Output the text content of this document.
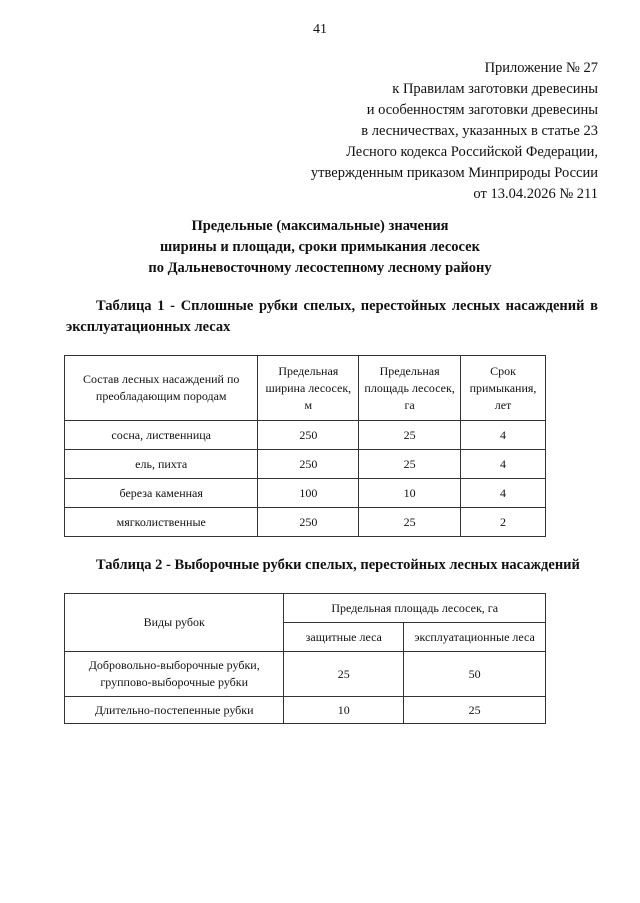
41
Приложение № 27
к Правилам заготовки древесины
и особенностям заготовки древесины
в лесничествах, указанных в статье 23
Лесного кодекса Российской Федерации,
утвержденным приказом Минприроды России
от 13.04.2026 № 211
Предельные (максимальные) значения
ширины и площади, сроки примыкания лесосек
по Дальневосточному лесостепному лесному району
Таблица 1 - Сплошные рубки спелых, перестойных лесных насаждений в эксплуатационных лесах
Состав лесных насаждений по преобладающим породам	Предельная ширина лесосек, м	Предельная площадь лесосек, га	Срок примыкания, лет
сосна, лиственница	250	25	4
ель, пихта	250	25	4
береза каменная	100	10	4
мягколиственные	250	25	2
Таблица 2 - Выборочные рубки спелых, перестойных лесных насаждений
Виды рубок	Предельная площадь лесосек, га	
	защитные леса	эксплуатационные леса
Добровольно-выборочные рубки, групповo-выборочные рубки	25	50
Длительно-постепенные рубки	10	25
